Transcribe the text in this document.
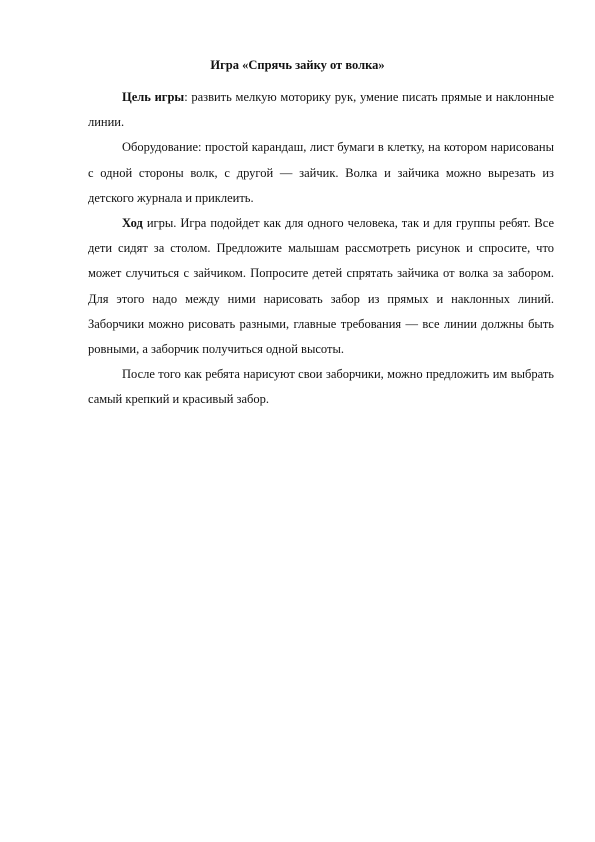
Игра «Спрячь зайку от волка»

Цель игры: развить мелкую моторику рук, умение писать прямые и наклонные линии.

Оборудование: простой карандаш, лист бумаги в клетку, на котором нарисованы с одной стороны волк, с другой — зайчик. Волка и зайчика можно вырезать из детского журнала и приклеить.

Ход игры. Игра подойдет как для одного человека, так и для группы ребят. Все дети сидят за столом. Предложите малышам рассмотреть рисунок и спросите, что может случиться с зайчиком. Попросите детей спрятать зайчика от волка за забором. Для этого надо между ними нарисовать забор из прямых и наклонных линий. Заборчики можно рисовать разными, главные требования — все линии должны быть ровными, а заборчик получиться одной высоты.

После того как ребята нарисуют свои заборчики, можно предложить им выбрать самый крепкий и красивый забор.
